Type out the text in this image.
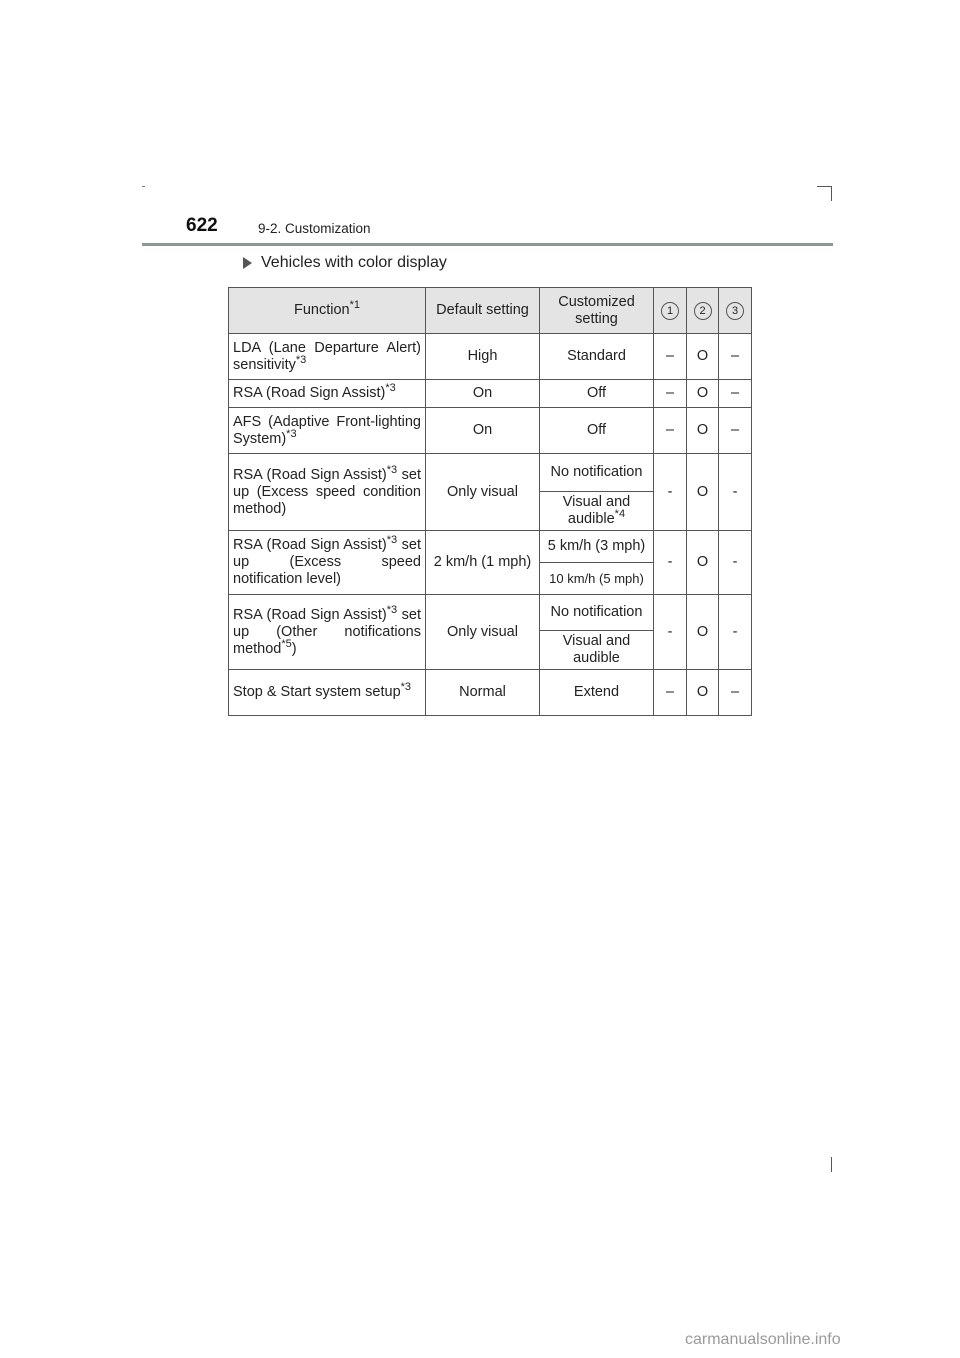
622	9-2. Customization
Vehicles with color display
Function$^{*1}$	Default setting	Customized setting	1	2	3
LDA (Lane Departure Alert) sensitivity$^{*3}$	High	Standard	–	O	–
RSA (Road Sign Assist)$^{*3}$	On	Off	–	O	–
AFS (Adaptive Front-lighting System)$^{*3}$	On	Off	–	O	–
RSA (Road Sign Assist)$^{*3}$ set up (Excess speed condition method)	Only visual	No notification	-	O	-
		Visual and audible$^{*4}$
RSA (Road Sign Assist)$^{*3}$ set up (Excess speed notification level)	2 km/h (1 mph)	5 km/h (3 mph)	-	O	-
		10 km/h (5 mph)			
RSA (Road Sign Assist)$^{*3}$ set up (Other notifications method$^{*5}$)	Only visual	No notification	-	O	-
		Visual and audible			
Stop & Start system setup$^{*3}$	Normal	Extend	–	O	–
carmanualsonline.info
